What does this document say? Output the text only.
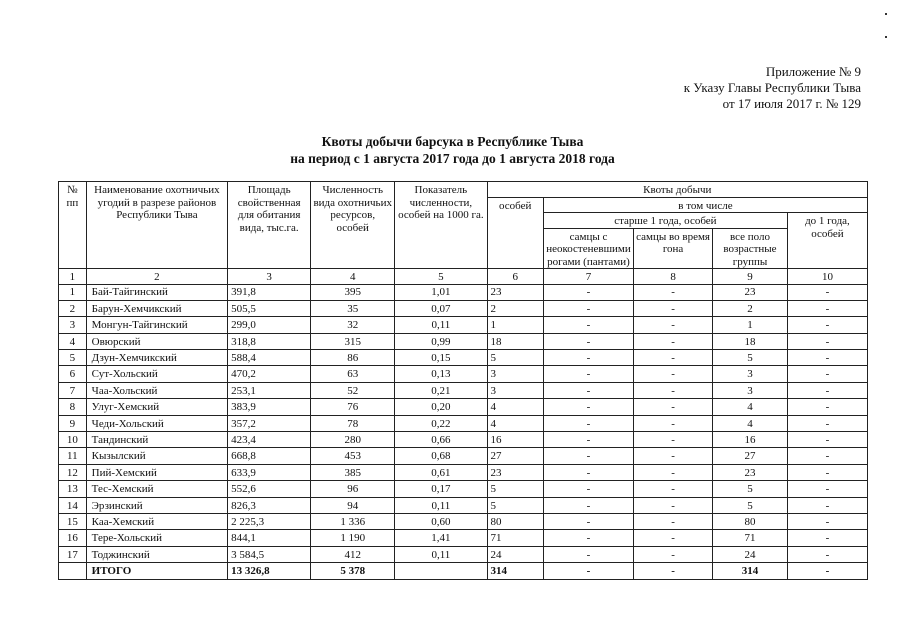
Приложение № 9
к Указу Главы Республики Тыва
от 17 июля 2017 г. № 129
Квоты добычи барсука в Республике Тыва
на период с 1 августа 2017 года до 1 августа 2018 года
№ пп	Наименование охотничьих угодий в разрезе районов Республики Тыва	Площадь свойственная для обитания вида, тыс.га.	Численность вида охотничьих ресурсов, особей	Показатель численности, особей на 1000 га.	Квоты добычи				
					особей	в том числе			
						старше 1 года, особей			до 1 года, особей
						самцы с неокостеневшими рогами (пантами)	самцы во время гона	все поло возрастные группы	
1	2	3	4	5	6	7	8	9	10
1	Бай-Тайгинский	391,8	395	1,01	23	-	-	23	-
2	Барун-Хемчикский	505,5	35	0,07	2	-	-	2	-
3	Монгун-Тайгинский	299,0	32	0,11	1	-	-	1	-
4	Овюрский	318,8	315	0,99	18	-	-	18	-
5	Дзун-Хемчикский	588,4	86	0,15	5	-	-	5	-
6	Сут-Хольский	470,2	63	0,13	3	-	-	3	-
7	Чаа-Хольский	253,1	52	0,21	3	-	-	3	-
8	Улуг-Хемский	383,9	76	0,20	4	-	-	4	-
9	Чеди-Хольский	357,2	78	0,22	4	-	-	4	-
10	Тандинский	423,4	280	0,66	16	-	-	16	-
11	Кызылский	668,8	453	0,68	27	-	-	27	-
12	Пий-Хемский	633,9	385	0,61	23	-	-	23	-
13	Тес-Хемский	552,6	96	0,17	5	-	-	5	-
14	Эрзинский	826,3	94	0,11	5	-	-	5	-
15	Каа-Хемский	2 225,3	1 336	0,60	80	-	-	80	-
16	Тере-Хольский	844,1	1 190	1,41	71	-	-	71	-
17	Тоджинский	3 584,5	412	0,11	24	-	-	24	-
	ИТОГО	13 326,8	5 378		314	-	-	314	-
